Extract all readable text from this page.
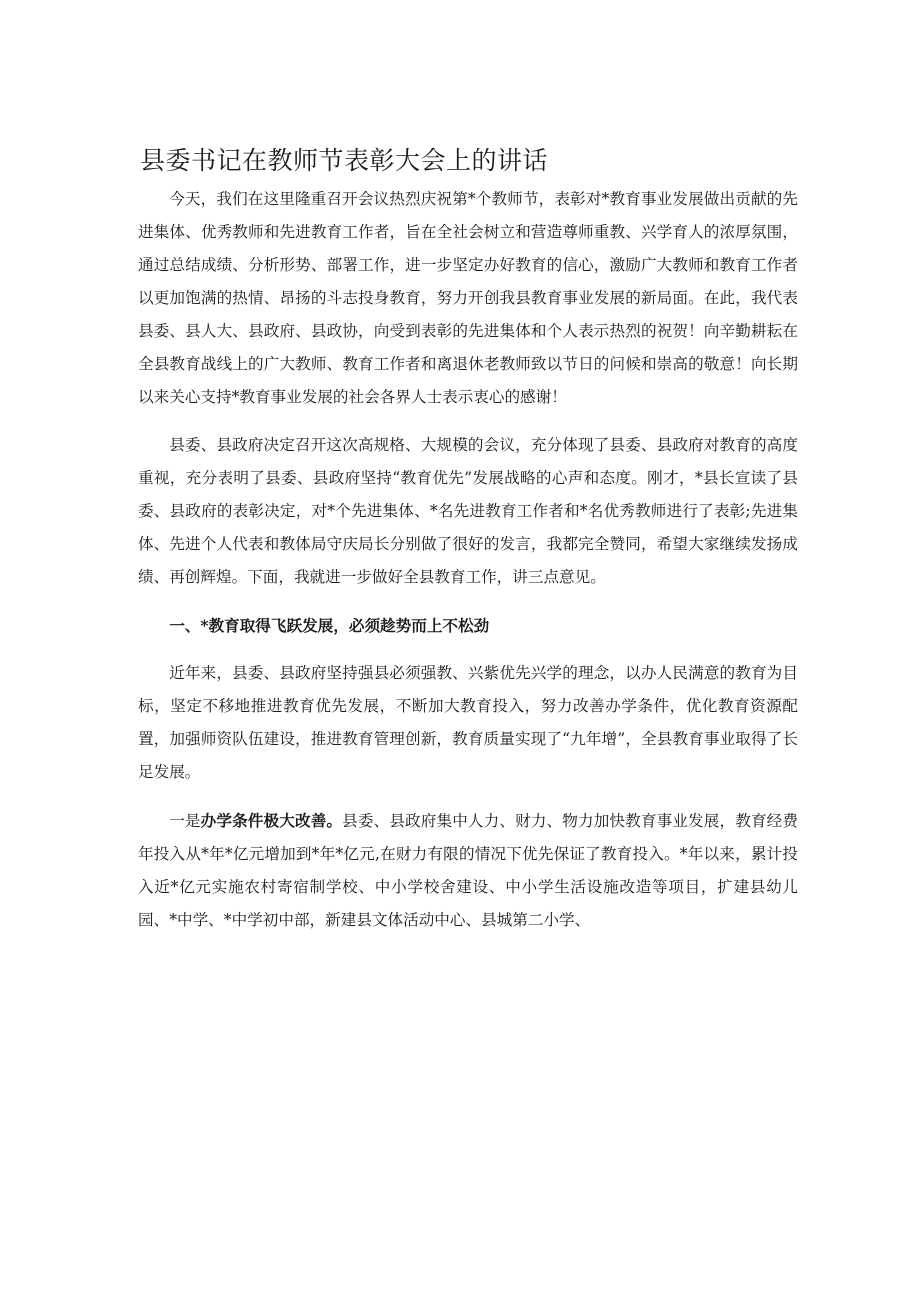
县委书记在教师节表彰大会上的讲话

今天，我们在这里隆重召开会议热烈庆祝第*个教师节，表彰对*教育事业发展做出贡献的先进集体、优秀教师和先进教育工作者，旨在全社会树立和营造尊师重教、兴学育人的浓厚氛围，通过总结成绩、分析形势、部署工作，进一步坚定办好教育的信心，激励广大教师和教育工作者以更加饱满的热情、昂扬的斗志投身教育，努力开创我县教育事业发展的新局面。在此，我代表县委、县人大、县政府、县政协，向受到表彰的先进集体和个人表示热烈的祝贺！向辛勤耕耘在全县教育战线上的广大教师、教育工作者和离退休老教师致以节日的问候和崇高的敬意！向长期以来关心支持*教育事业发展的社会各界人士表示衷心的感谢！

县委、县政府决定召开这次高规格、大规模的会议，充分体现了县委、县政府对教育的高度重视，充分表明了县委、县政府坚持“教育优先”发展战略的心声和态度。刚才，*县长宣读了县委、县政府的表彰决定，对*个先进集体、*名先进教育工作者和*名优秀教师进行了表彰;先进集体、先进个人代表和教体局守庆局长分别做了很好的发言，我都完全赞同，希望大家继续发扬成绩、再创辉煌。下面，我就进一步做好全县教育工作，讲三点意见。

一、*教育取得飞跃发展，必须趁势而上不松劲

近年来，县委、县政府坚持强县必须强教、兴紫优先兴学的理念，以办人民满意的教育为目标，坚定不移地推进教育优先发展，不断加大教育投入，努力改善办学条件，优化教育资源配置，加强师资队伍建设，推进教育管理创新，教育质量实现了“九年增”，全县教育事业取得了长足发展。

一是办学条件极大改善。县委、县政府集中人力、财力、物力加快教育事业发展，教育经费年投入从*年*亿元增加到*年*亿元,在财力有限的情况下优先保证了教育投入。*年以来，累计投入近*亿元实施农村寄宿制学校、中小学校舍建设、中小学生活设施改造等项目，扩建县幼儿园、*中学、*中学初中部，新建县文体活动中心、县城第二小学、
